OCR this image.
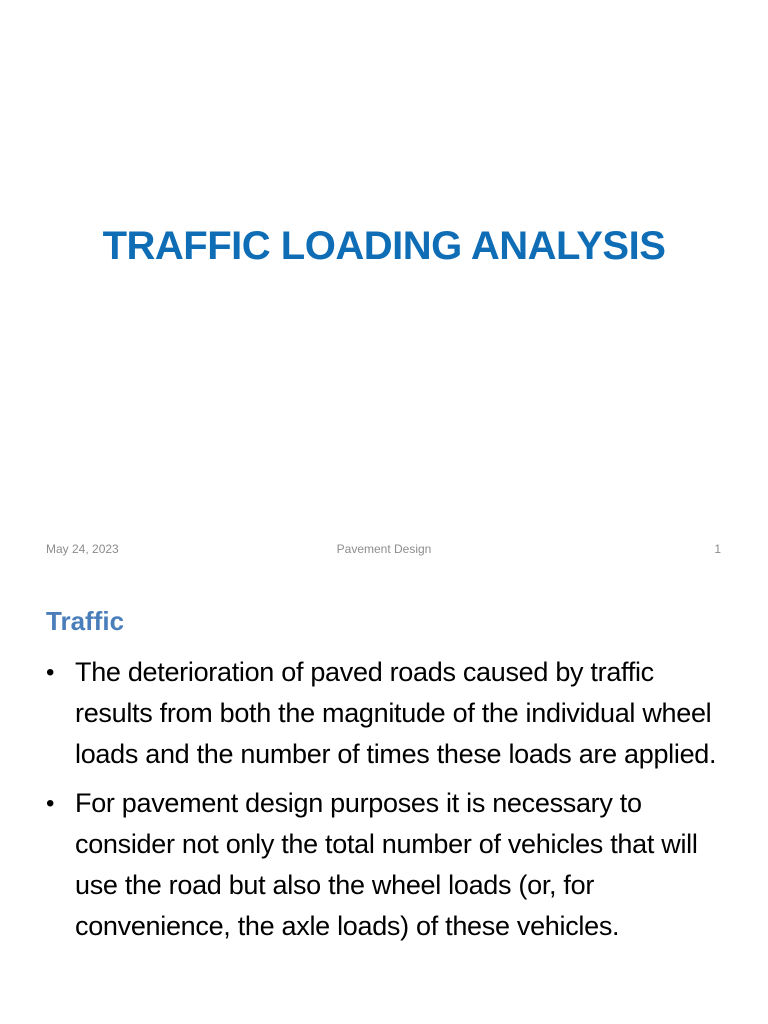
TRAFFIC LOADING ANALYSIS
May 24, 2023	Pavement Design	1
Traffic
• The deterioration of paved roads caused by traffic results from both the magnitude of the individual wheel loads and the number of times these loads are applied.
• For pavement design purposes it is necessary to consider not only the total number of vehicles that will use the road but also the wheel loads (or, for convenience, the axle loads) of these vehicles.
